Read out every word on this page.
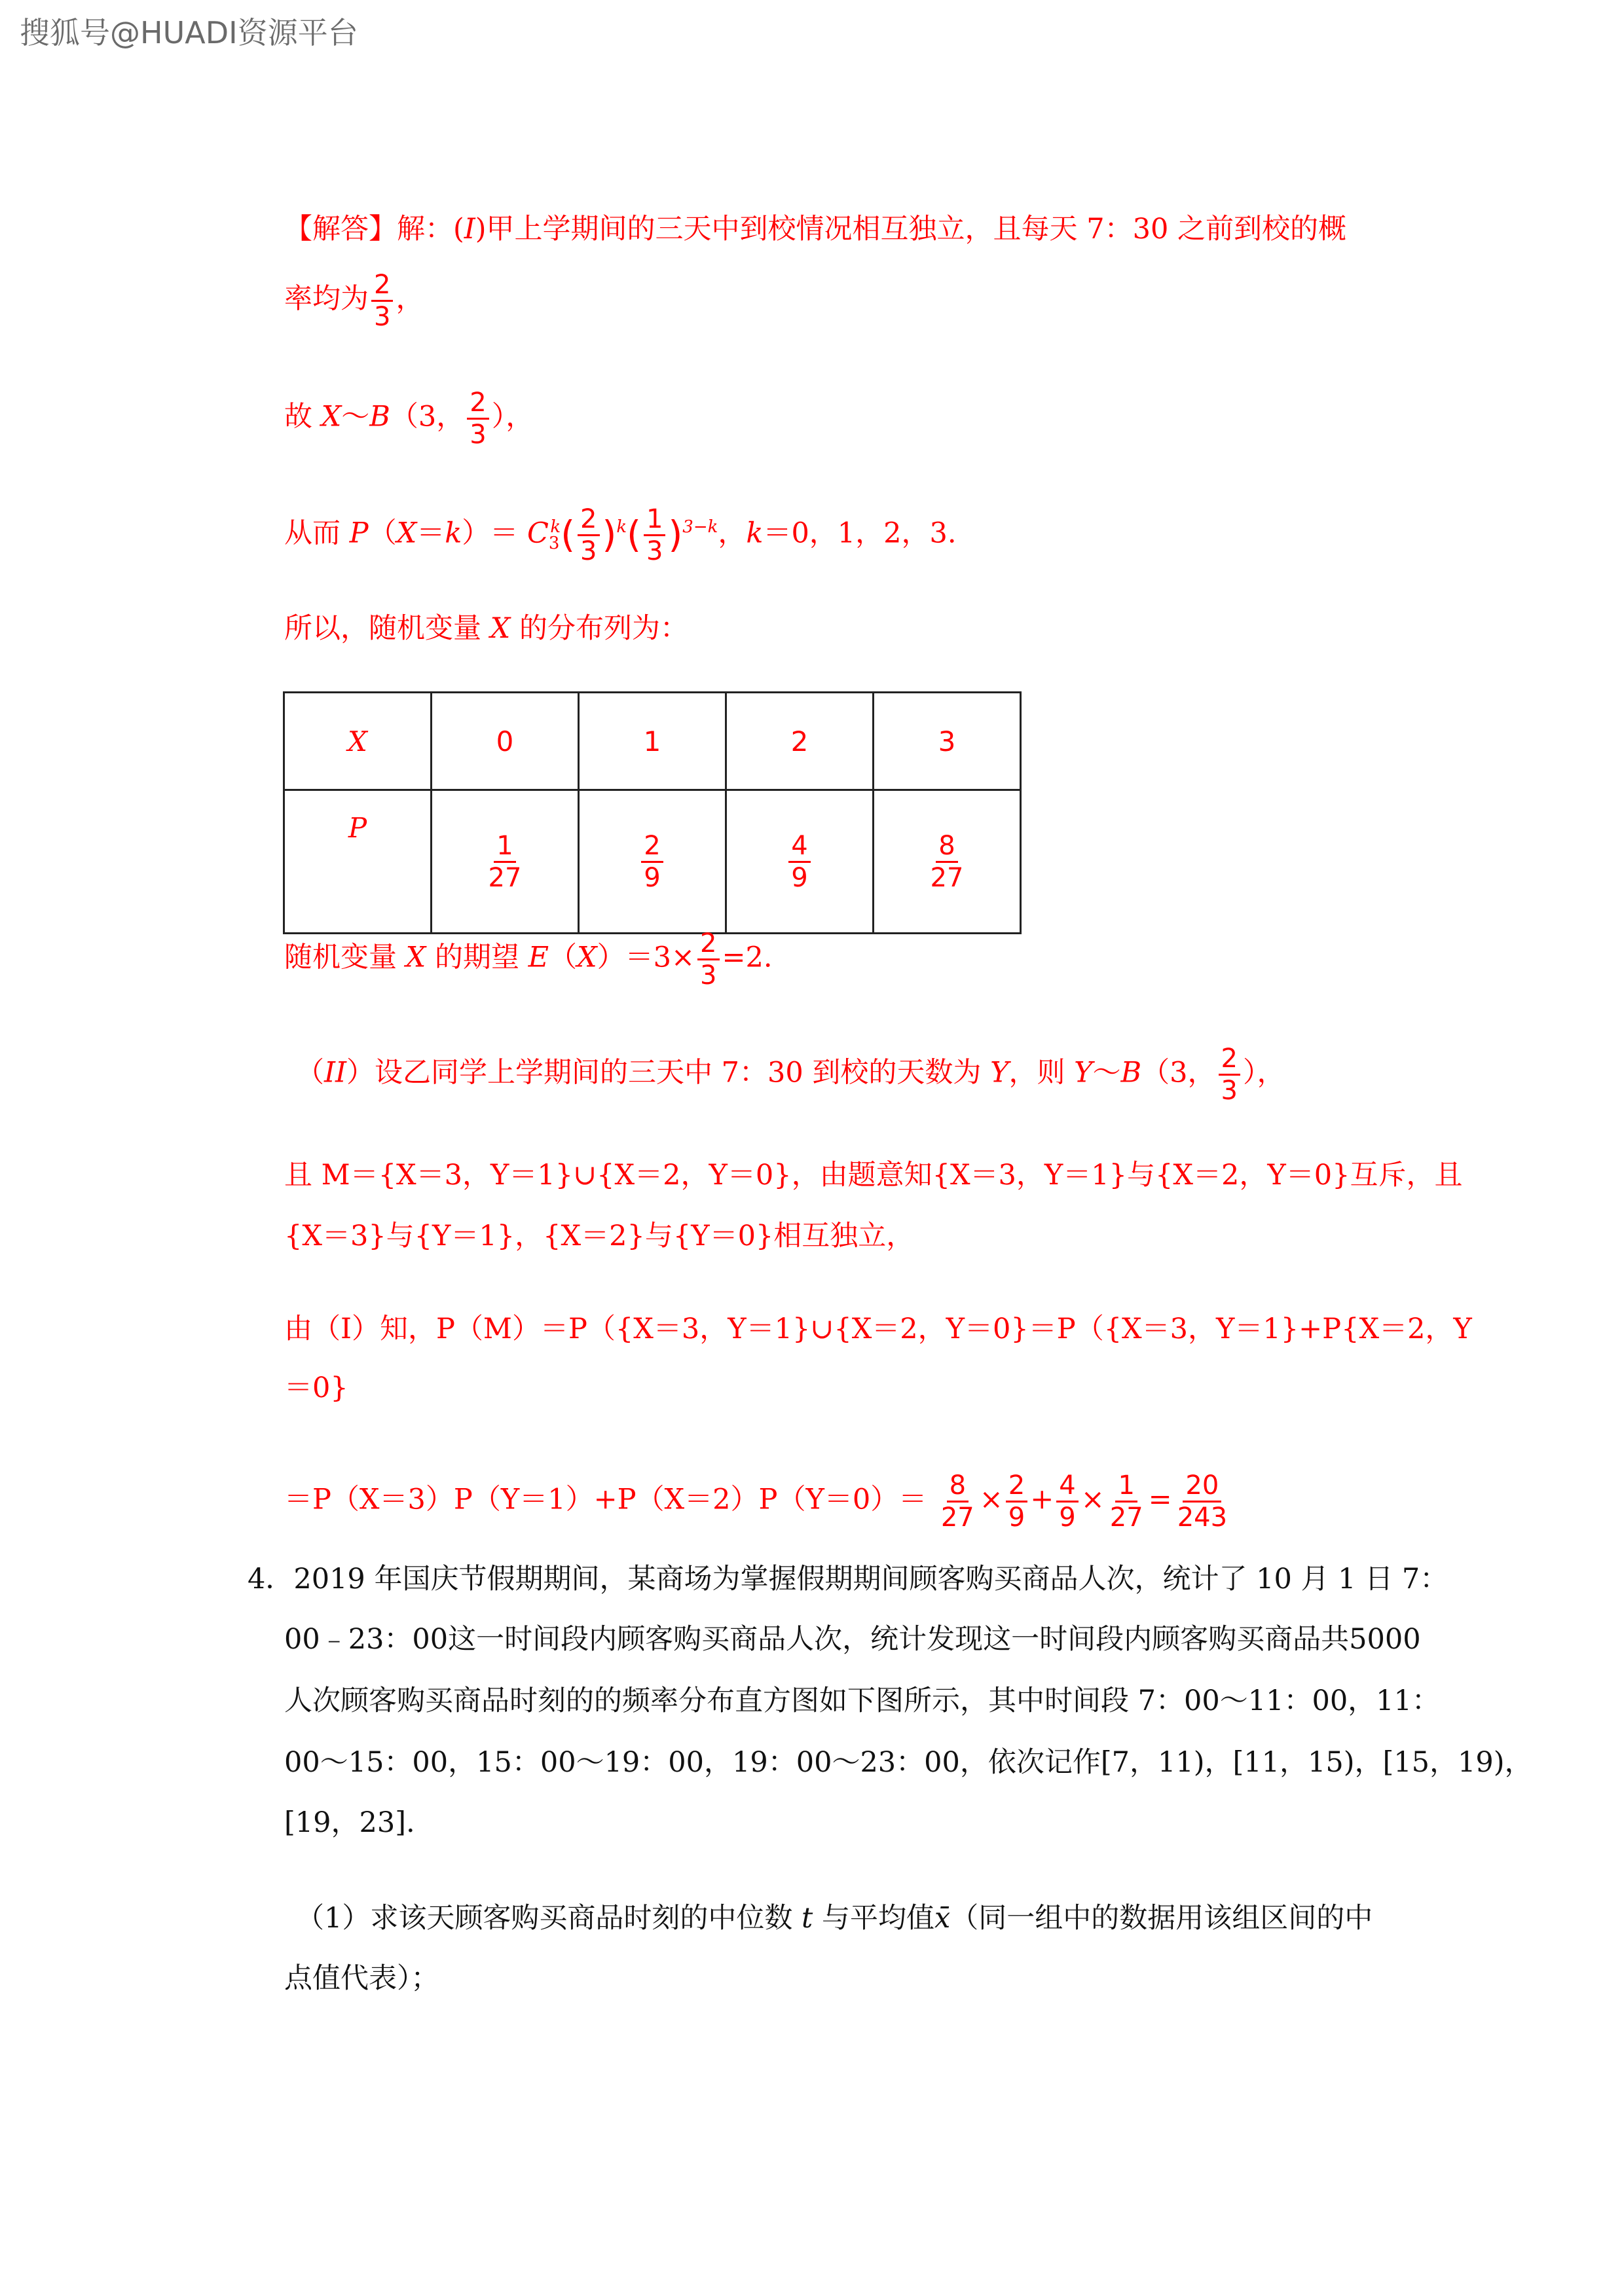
搜狐号@HUADI资源平台
【解答】解：(I)甲上学期间的三天中到校情况相互独立，且每天 7：30 之前到校的概
率均为 $\frac{2}{3}$ ，
故 X～B（3， $\frac{2}{3}$ ），
从而 $P(X=k)= C_3^k( \frac{2}{3} )^k( \frac{1}{3} )^{3-k}$，k＝0，1，2，3.
所以，随机变量 X 的分布列为：
X	0	1	2	3
P	$\frac{1}{27}$	$\frac{2}{9}$	$\frac{4}{9}$	$\frac{8}{27}$
随机变量 X 的期望 $E(X)=3\times \frac{2}{3} =2$.
（II）设乙同学上学期间的三天中 7：30 到校的天数为 Y，则 Y～B（3， $\frac{2}{3}$ ），
且 M＝{X＝3，Y＝1}∪{X＝2，Y＝0}，由题意知{X＝3，Y＝1}与{X＝2，Y＝0}互斥，且
{X＝3}与{Y＝1}，{X＝2}与{Y＝0}相互独立，
由（I）知，P（M）＝P（{X＝3，Y＝1}∪{X＝2，Y＝0}＝P（{X＝3，Y＝1}+P{X＝2，Y
＝0}
$=P(X=3)P(Y=1)+P(X=2)P(Y=0)= \frac{8}{27} \times \frac{2}{9} + \frac{4}{9} \times \frac{1}{27} = \frac{20}{243}$
4．2019 年国庆节假期期间，某商场为掌握假期期间顾客购买商品人次，统计了 10 月 1 日 7：
00﹣23：00这一时间段内顾客购买商品人次，统计发现这一时间段内顾客购买商品共5000
人次顾客购买商品时刻的的频率分布直方图如下图所示，其中时间段 7：00～11：00，11：
00～15：00，15：00～19：00，19：00～23：00，依次记作[7，11)，[11，15)，[15，19)，
[19，23].
（1）求该天顾客购买商品时刻的中位数 t 与平均值x̄（同一组中的数据用该组区间的中
点值代表）；
